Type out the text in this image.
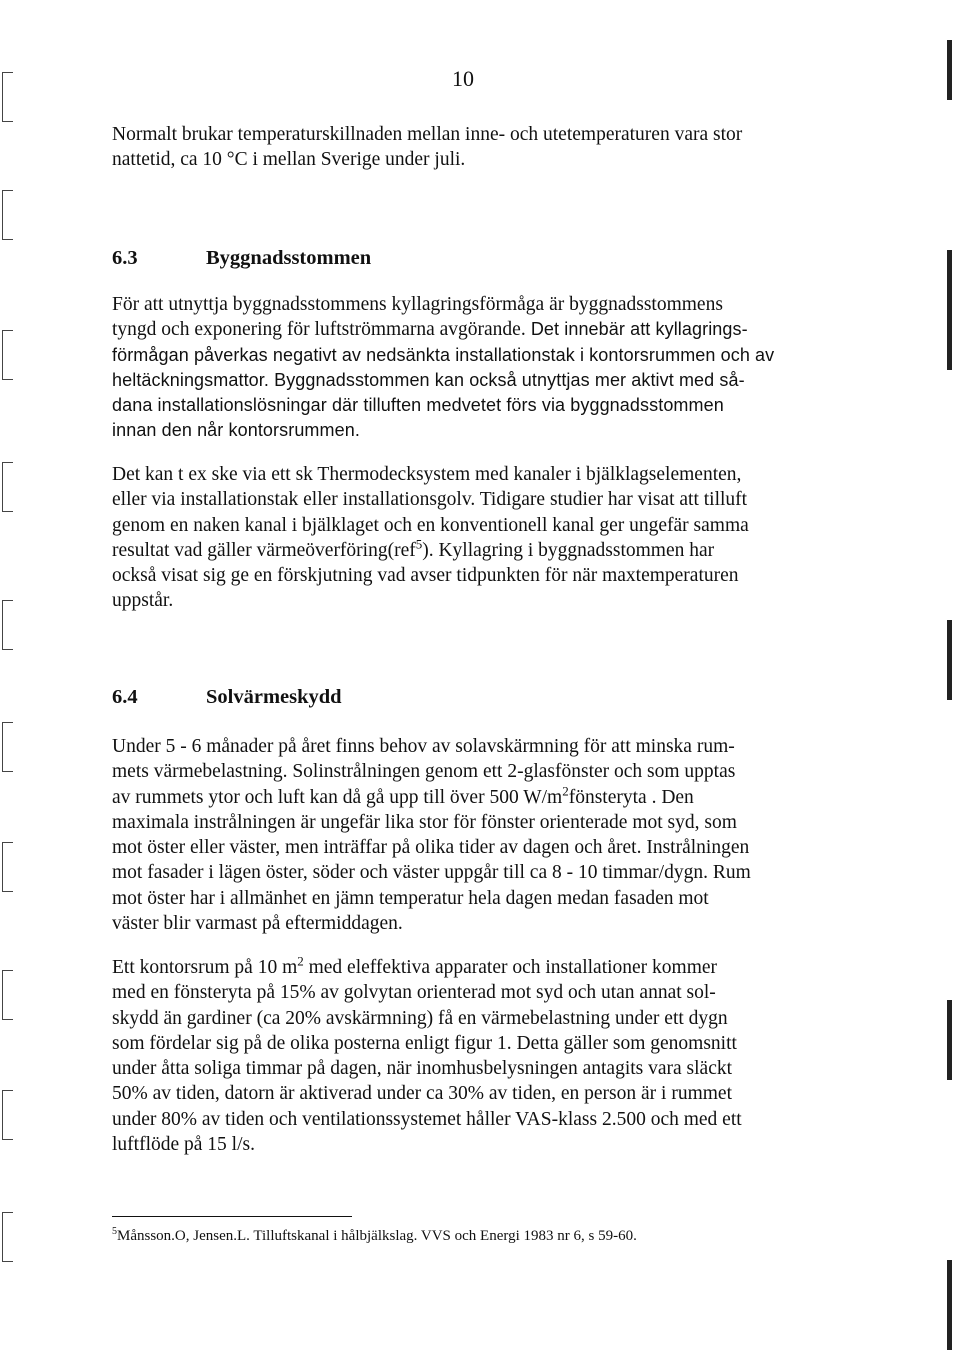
10
Normalt brukar temperaturskillnaden mellan inne- och utetemperaturen vara stor
nattetid, ca 10 °C i mellan Sverige under juli.
6.3	Byggnadsstommen
För att utnyttja byggnadsstommens kyllagringsförmåga är byggnadsstommens
tyngd och exponering för luftströmmarna avgörande. Det innebär att kyllagrings-
förmågan påverkas negativt av nedsänkta installationstak i kontorsrummen och av
heltäckningsmattor. Byggnadsstommen kan också utnyttjas mer aktivt med så-
dana installationslösningar där tilluften medvetet förs via byggnadsstommen
innan den når kontorsrummen.
Det kan t ex ske via ett sk Thermodecksystem med kanaler i bjälklagselementen,
eller via installationstak eller installationsgolv. Tidigare studier har visat att tilluft
genom en naken kanal i bjälklaget och en konventionell kanal ger ungefär samma
resultat vad gäller värmeöverföring(ref$^5$). Kyllagring i byggnadsstommen har
också visat sig ge en förskjutning vad avser tidpunkten för när maxtemperaturen
uppstår.
6.4	Solvärmeskydd
Under 5 - 6 månader på året finns behov av solavskärmning för att minska rum-
mets värmebelastning. Solinstrålningen genom ett 2-glasfönster och som upptas
av rummets ytor och luft kan då gå upp till över 500 $W/m^2fönsteryta$ . Den
maximala instrålningen är ungefär lika stor för fönster orienterade mot syd, som
mot öster eller väster, men inträffar på olika tider av dagen och året. Instrålningen
mot fasader i lägen öster, söder och väster uppgår till ca 8 - 10 timmar/dygn. Rum
mot öster har i allmänhet en jämn temperatur hela dagen medan fasaden mot
väster blir varmast på eftermiddagen.
Ett kontorsrum på 10 $m^2$ med eleffektiva apparater och installationer kommer
med en fönsteryta på 15% av golvytan orienterad mot syd och utan annat sol-
skydd än gardiner (ca 20% avskärmning) få en värmebelastning under ett dygn
som fördelar sig på de olika posterna enligt figur 1. Detta gäller som genomsnitt
under åtta soliga timmar på dagen, när inomhusbelysningen antagits vara släckt
50% av tiden, datorn är aktiverad under ca 30% av tiden, en person är i rummet
under 80% av tiden och ventilationssystemet håller VAS-klass 2.500 och med ett
luftflöde på 15 l/s.
$^5$Månsson.O, Jensen.L. Tilluftskanal i hålbjälkslag. VVS och Energi 1983 nr 6, s 59-60.
